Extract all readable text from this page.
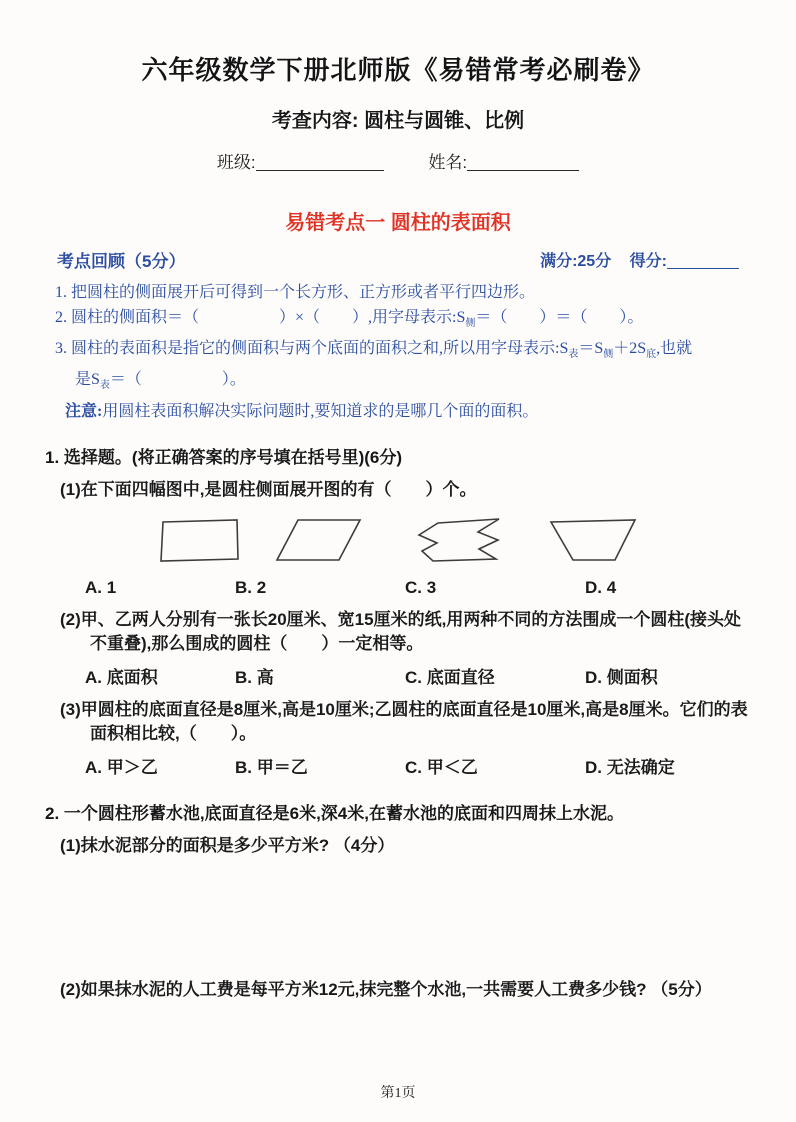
六年级数学下册北师版《易错常考必刷卷》
考查内容: 圆柱与圆锥、比例
班级:	姓名:
易错考点一 圆柱的表面积
考点回顾（5分）	满分:25分 得分:
1. 把圆柱的侧面展开后可得到一个长方形、正方形或者平行四边形。
2. 圆柱的侧面积＝（　　　　　）×（　　）,用字母表示$:S_侧=$（　　）＝（　　）。
3. 圆柱的表面积是指它的侧面积与两个底面的面积之和,所以用字母表示$:S_表=S_侧+2S_底$,也就
是$S_表=$（　　　　　）。
注意:用圆柱表面积解决实际问题时,要知道求的是哪几个面的面积。
1. 选择题。(将正确答案的序号填在括号里)(6分)
(1)在下面四幅图中,是圆柱侧面展开图的有（　　）个。
A. 1	B. 2	C. 3	D. 4
(2)甲、乙两人分别有一张长20厘米、宽15厘米的纸,用两种不同的方法围成一个圆柱(接头处不重叠),那么围成的圆柱（　　）一定相等。
A. 底面积	B. 高	C. 底面直径	D. 侧面积
(3)甲圆柱的底面直径是8厘米,高是10厘米;乙圆柱的底面直径是10厘米,高是8厘米。它们的表面积相比较,（　　）。
A. 甲＞乙	B. 甲＝乙	C. 甲＜乙	D. 无法确定
2. 一个圆柱形蓄水池,底面直径是6米,深4米,在蓄水池的底面和四周抹上水泥。
(1)抹水泥部分的面积是多少平方米? （4分）
(2)如果抹水泥的人工费是每平方米12元,抹完整个水池,一共需要人工费多少钱? （5分）
第1页
